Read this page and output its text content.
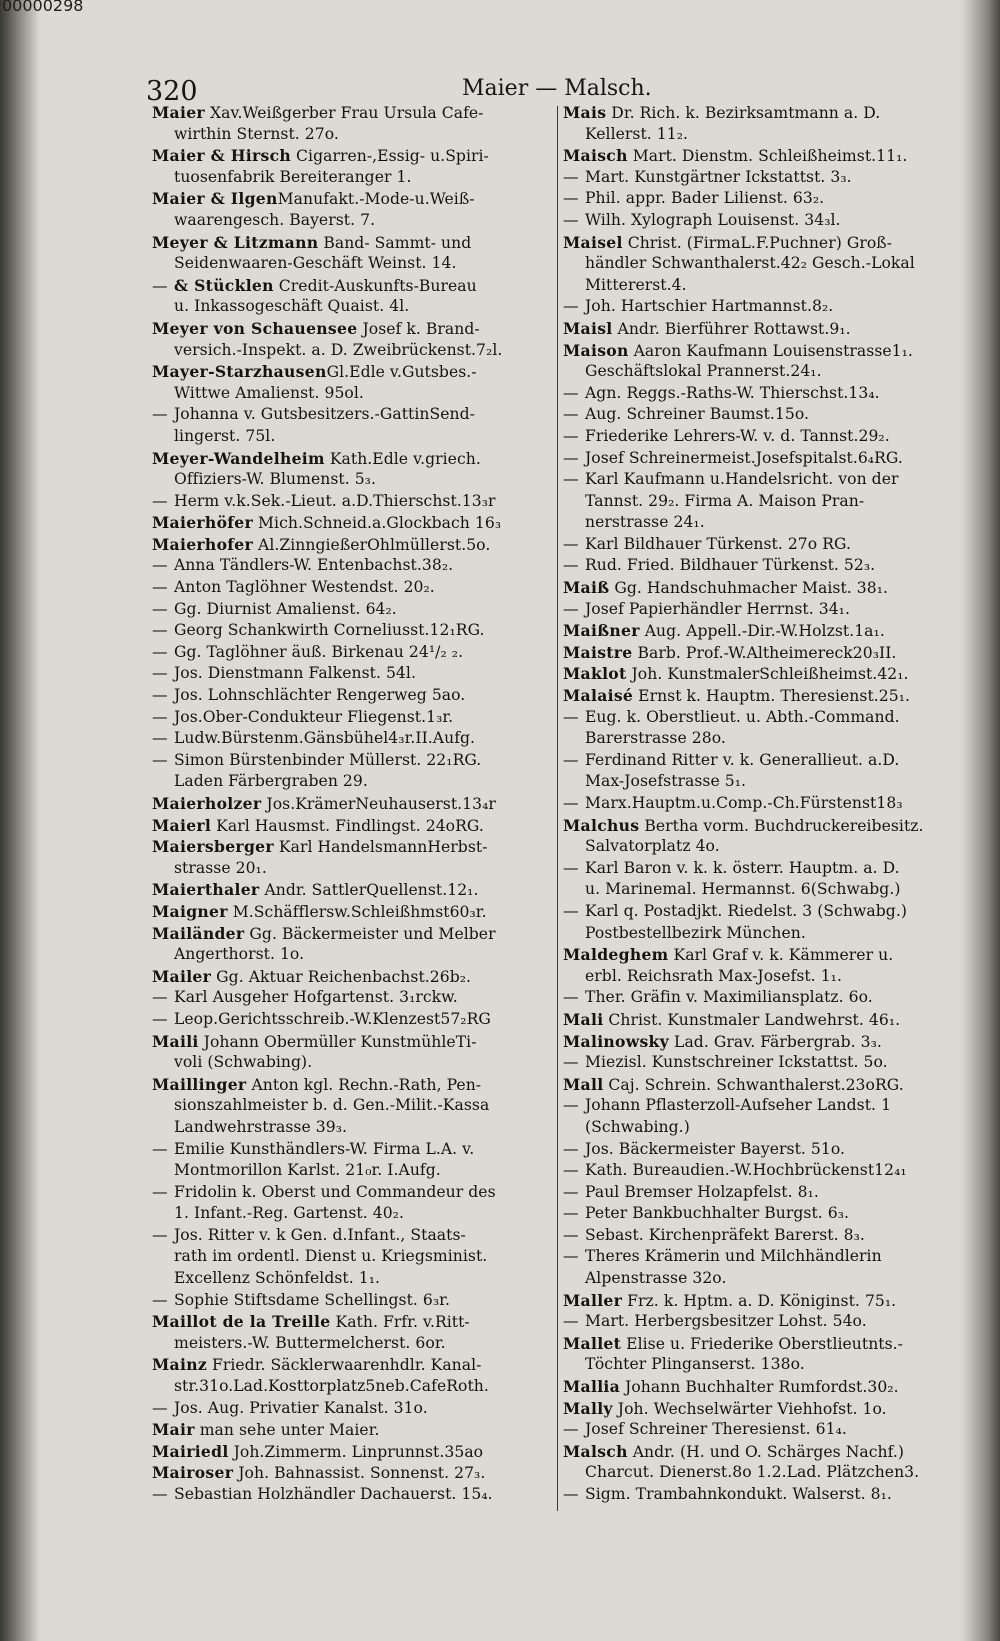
00000298
320	Maier — Malsch.
Maier Xav.Weißgerber Frau Ursula Cafe-
wirthin Sternst. 27o.
Maier & Hirsch Cigarren-,Essig- u.Spiri-
tuosenfabrik Bereiteranger 1.
Maier & IlgenManufakt.-Mode-u.Weiß-
waarengesch. Bayerst. 7.
Meyer & Litzmann Band- Sammt- und
Seidenwaaren-Geschäft Weinst. 14.
—& Stücklen Credit-Auskunfts-Bureau
u. Inkassogeschäft Quaist. 4l.
Meyer von Schauensee Josef k. Brand-
versich.-Inspekt. a. D. Zweibrückenst.7₂l.
Mayer-StarzhausenGl.Edle v.Gutsbes.-
Wittwe Amalienst. 95ol.
—Johanna v. Gutsbesitzers.-GattinSend-
lingerst. 75l.
Meyer-Wandelheim Kath.Edle v.griech.
Offiziers-W. Blumenst. 5₃.
—Herm v.k.Sek.-Lieut. a.D.Thierschst.13₃r
Maierhöfer Mich.Schneid.a.Glockbach 16₃
Maierhofer Al.ZinngießerOhlmüllerst.5o.
—Anna Tändlers-W. Entenbachst.38₂.
—Anton Taglöhner Westendst. 20₂.
—Gg. Diurnist Amalienst. 64₂.
—Georg Schankwirth Corneliusst.12₁RG.
—Gg. Taglöhner äuß. Birkenau 24¹/₂ ₂.
—Jos. Dienstmann Falkenst. 54l.
—Jos. Lohnschlächter Rengerweg 5ao.
—Jos.Ober-Condukteur Fliegenst.1₃r.
—Ludw.Bürstenm.Gänsbühel4₃r.II.Aufg.
—Simon Bürstenbinder Müllerst. 22₁RG.
Laden Färbergraben 29.
Maierholzer Jos.KrämerNeuhauserst.13₄r
Maierl Karl Hausmst. Findlingst. 24oRG.
Maiersberger Karl HandelsmannHerbst-
strasse 20₁.
Maierthaler Andr. SattlerQuellenst.12₁.
Maigner M.Schäfflersw.Schleißhmst60₃r.
Mailänder Gg. Bäckermeister und Melber
Angerthorst. 1o.
Mailer Gg. Aktuar Reichenbachst.26b₂.
—Karl Ausgeher Hofgartenst. 3₁rckw.
—Leop.Gerichtsschreib.-W.Klenzest57₂RG
Maili Johann Obermüller KunstmühleTi-
voli (Schwabing).
Maillinger Anton kgl. Rechn.-Rath, Pen-
sionszahlmeister b. d. Gen.-Milit.-Kassa
Landwehrstrasse 39₃.
—Emilie Kunsthändlers-W. Firma L.A. v.
Montmorillon Karlst. 21₀r. I.Aufg.
—Fridolin k. Oberst und Commandeur des
1. Infant.-Reg. Gartenst. 40₂.
—Jos. Ritter v. k Gen. d.Infant., Staats-
rath im ordentl. Dienst u. Kriegsminist.
Excellenz Schönfeldst. 1₁.
—Sophie Stiftsdame Schellingst. 6₃r.
Maillot de la Treille Kath. Frfr. v.Ritt-
meisters.-W. Buttermelcherst. 6or.
Mainz Friedr. Säcklerwaarenhdlr. Kanal-
str.31o.Lad.Kosttorplatz5neb.CafeRoth.
—Jos. Aug. Privatier Kanalst. 31o.
Mair man sehe unter Maier.
Mairiedl Joh.Zimmerm. Linprunnst.35ao
Mairoser Joh. Bahnassist. Sonnenst. 27₃.
—Sebastian Holzhändler Dachauerst. 15₄.
Mais Dr. Rich. k. Bezirksamtmann a. D.
Kellerst. 11₂.
Maisch Mart. Dienstm. Schleißheimst.11₁.
—Mart. Kunstgärtner Ickstattst. 3₃.
—Phil. appr. Bader Lilienst. 63₂.
—Wilh. Xylograph Louisenst. 34₃l.
Maisel Christ. (FirmaL.F.Puchner) Groß-
händler Schwanthalerst.42₂ Gesch.-Lokal
Mittererst.4.
—Joh. Hartschier Hartmannst.8₂.
Maisl Andr. Bierführer Rottawst.9₁.
Maison Aaron Kaufmann Louisenstrasse1₁.
Geschäftslokal Prannerst.24₁.
—Agn. Reggs.-Raths-W. Thierschst.13₄.
—Aug. Schreiner Baumst.15o.
—Friederike Lehrers-W. v. d. Tannst.29₂.
—Josef Schreinermeist.Josefspitalst.6₄RG.
—Karl Kaufmann u.Handelsricht. von der
Tannst. 29₂. Firma A. Maison Pran-
nerstrasse 24₁.
—Karl Bildhauer Türkenst. 27o RG.
—Rud. Fried. Bildhauer Türkenst. 52₃.
Maiß Gg. Handschuhmacher Maist. 38₁.
—Josef Papierhändler Herrnst. 34₁.
Maißner Aug. Appell.-Dir.-W.Holzst.1a₁.
Maistre Barb. Prof.-W.Altheimereck20₃II.
Maklot Joh. KunstmalerSchleißheimst.42₁.
Malaisé Ernst k. Hauptm. Theresienst.25₁.
—Eug. k. Oberstlieut. u. Abth.-Command.
Barerstrasse 28o.
—Ferdinand Ritter v. k. Generallieut. a.D.
Max-Josefstrasse 5₁.
—Marx.Hauptm.u.Comp.-Ch.Fürstenst18₃
Malchus Bertha vorm. Buchdruckereibesitz.
Salvatorplatz 4o.
—Karl Baron v. k. k. österr. Hauptm. a. D.
u. Marinemal. Hermannst. 6(Schwabg.)
—Karl q. Postadjkt. Riedelst. 3 (Schwabg.)
Postbestellbezirk München.
Maldeghem Karl Graf v. k. Kämmerer u.
erbl. Reichsrath Max-Josefst. 1₁.
—Ther. Gräfin v. Maximiliansplatz. 6o.
Mali Christ. Kunstmaler Landwehrst. 46₁.
Malinowsky Lad. Grav. Färbergrab. 3₃.
—Miezisl. Kunstschreiner Ickstattst. 5o.
Mall Caj. Schrein. Schwanthalerst.23oRG.
—Johann Pflasterzoll-Aufseher Landst. 1
(Schwabing.)
—Jos. Bäckermeister Bayerst. 51o.
—Kath. Bureaudien.-W.Hochbrückenst12₄₁
—Paul Bremser Holzapfelst. 8₁.
—Peter Bankbuchhalter Burgst. 6₃.
—Sebast. Kirchenpräfekt Barerst. 8₃.
—Theres Krämerin und Milchhändlerin
Alpenstrasse 32o.
Maller Frz. k. Hptm. a. D. Königinst. 75₁.
—Mart. Herbergsbesitzer Lohst. 54o.
Mallet Elise u. Friederike Oberstlieutnts.-
Töchter Plinganserst. 138o.
Mallia Johann Buchhalter Rumfordst.30₂.
Mally Joh. Wechselwärter Viehhofst. 1o.
—Josef Schreiner Theresienst. 61₄.
Malsch Andr. (H. und O. Schärges Nachf.)
Charcut. Dienerst.8o 1.2.Lad. Plätzchen3.
—Sigm. Trambahnkondukt. Walserst. 8₁.
